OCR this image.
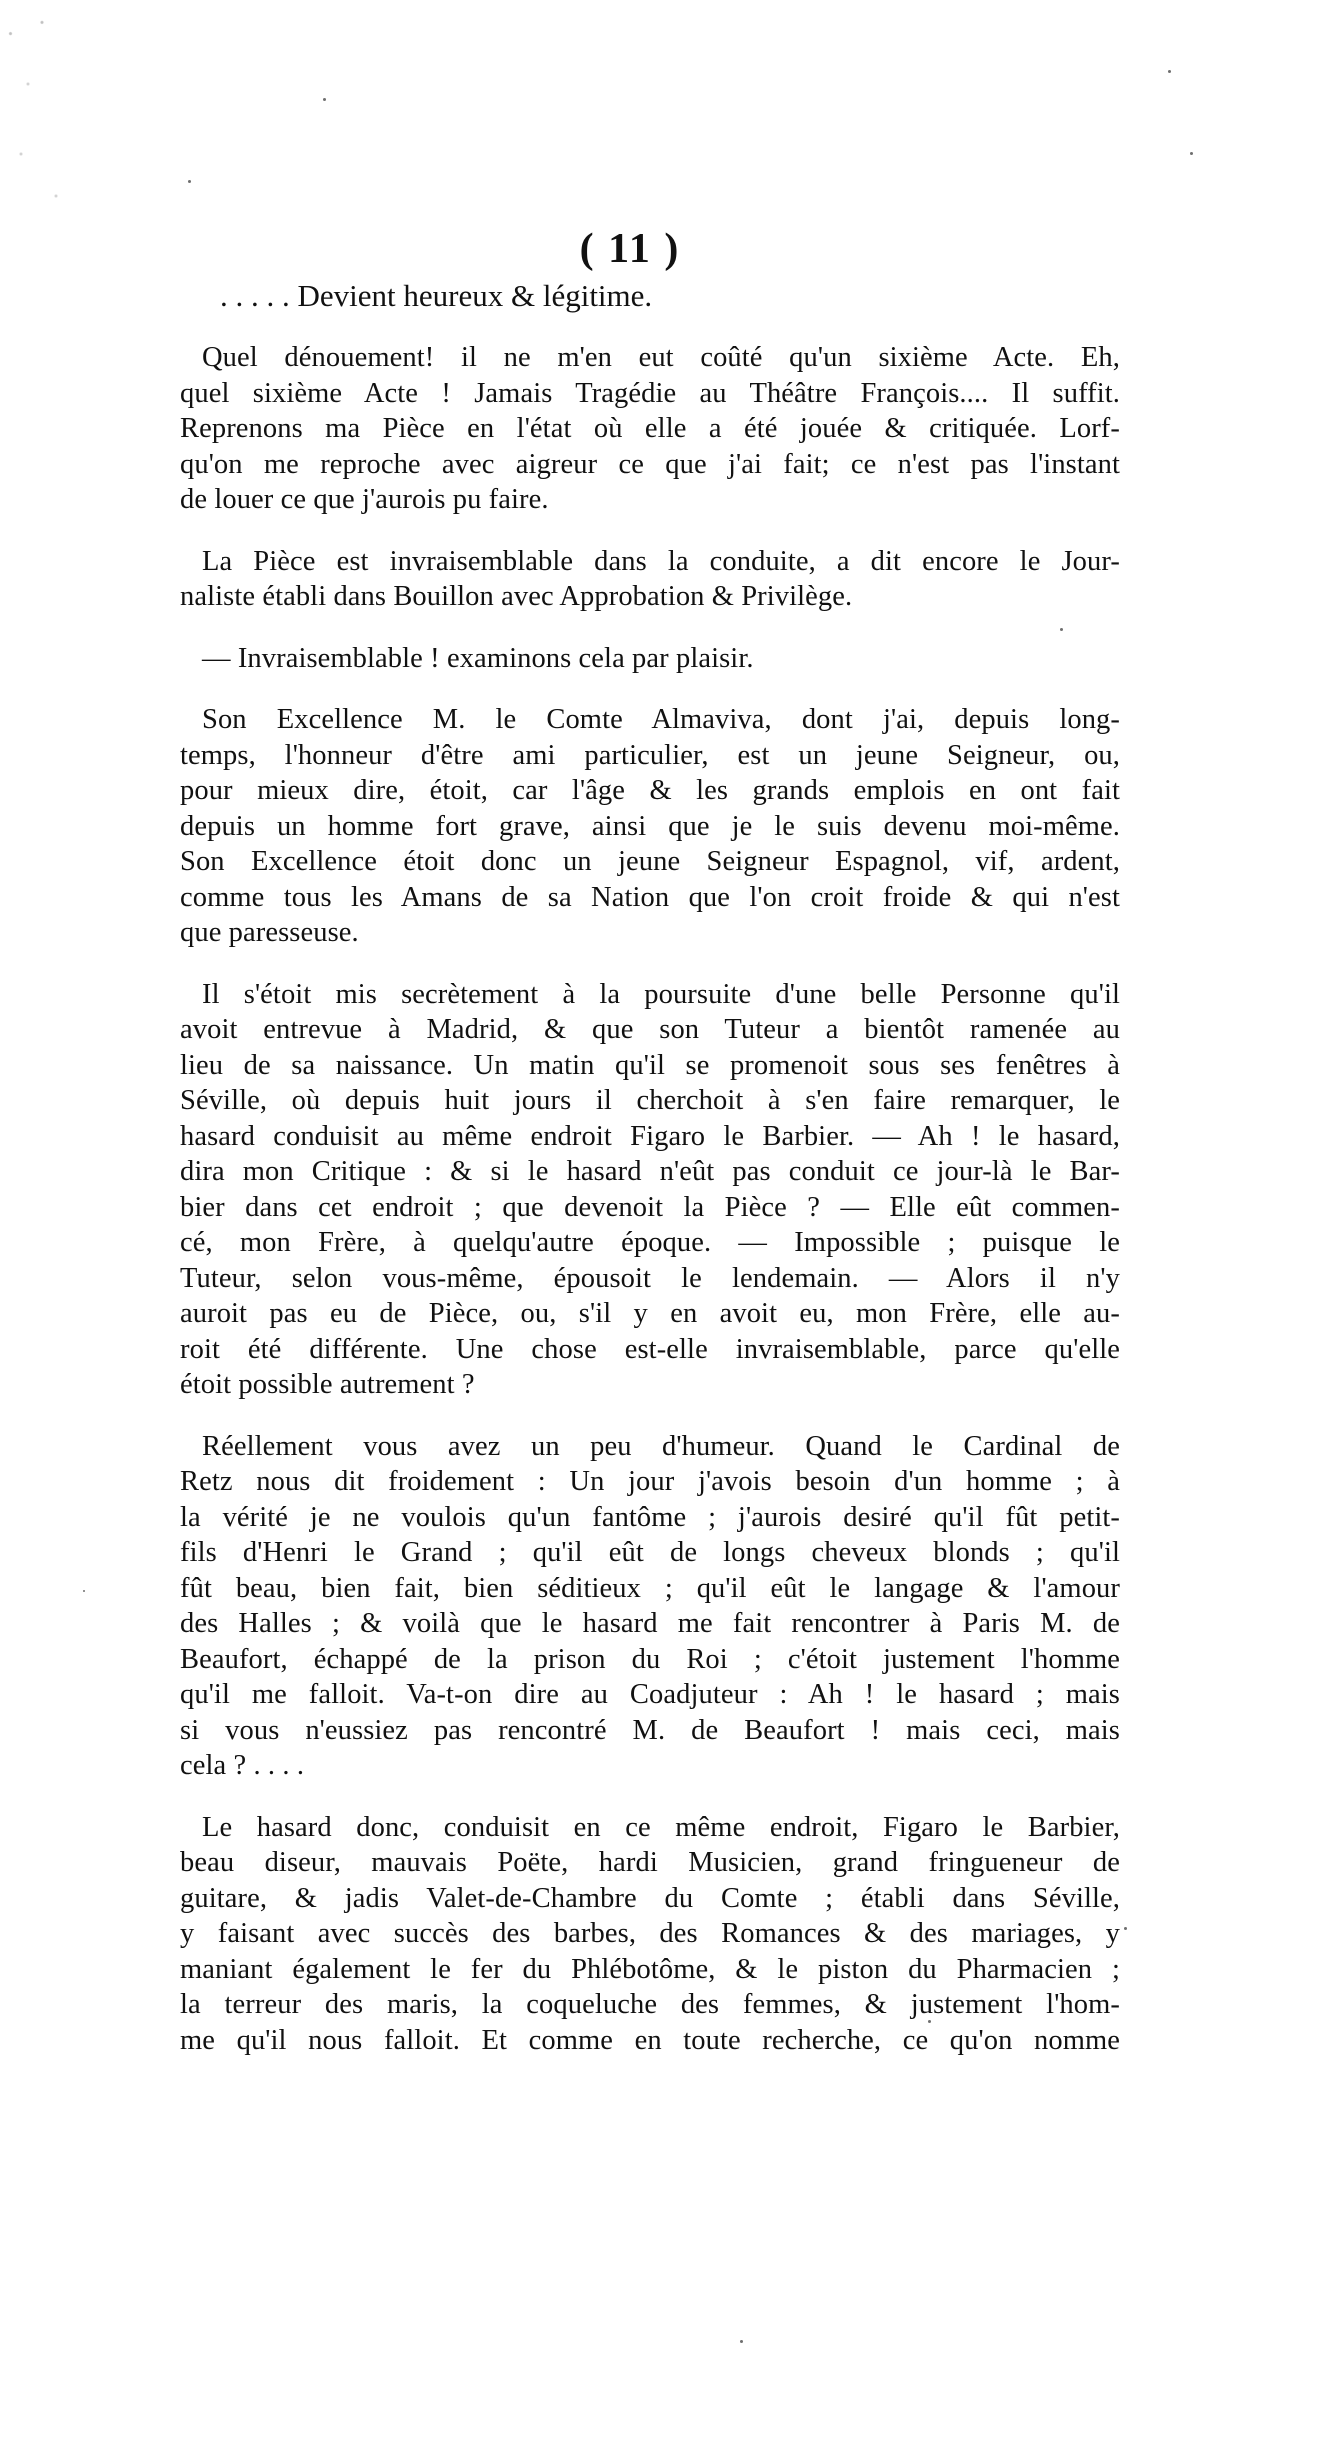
( 11 )
. . . . . Devient heureux & légitime.
Quel dénouement! il ne m'en eut coûté qu'un sixième Acte. Eh,
quel sixième Acte ! Jamais Tragédie au Théâtre François.... Il suffit.
Reprenons ma Pièce en l'état où elle a été jouée & critiquée. Lorf-
qu'on me reproche avec aigreur ce que j'ai fait; ce n'est pas l'instant
de louer ce que j'aurois pu faire.
La Pièce est invraisemblable dans la conduite, a dit encore le Jour-
naliste établi dans Bouillon avec Approbation & Privilège.
— Invraisemblable ! examinons cela par plaisir.
Son Excellence M. le Comte Almaviva, dont j'ai, depuis long-
temps, l'honneur d'être ami particulier, est un jeune Seigneur, ou,
pour mieux dire, étoit, car l'âge & les grands emplois en ont fait
depuis un homme fort grave, ainsi que je le suis devenu moi-même.
Son Excellence étoit donc un jeune Seigneur Espagnol, vif, ardent,
comme tous les Amans de sa Nation que l'on croit froide & qui n'est
que paresseuse.
Il s'étoit mis secrètement à la poursuite d'une belle Personne qu'il
avoit entrevue à Madrid, & que son Tuteur a bientôt ramenée au
lieu de sa naissance. Un matin qu'il se promenoit sous ses fenêtres à
Séville, où depuis huit jours il cherchoit à s'en faire remarquer, le
hasard conduisit au même endroit Figaro le Barbier. — Ah ! le hasard,
dira mon Critique : & si le hasard n'eût pas conduit ce jour-là le Bar-
bier dans cet endroit ; que devenoit la Pièce ? — Elle eût commen-
cé, mon Frère, à quelqu'autre époque. — Impossible ; puisque le
Tuteur, selon vous-même, épousoit le lendemain. — Alors il n'y
auroit pas eu de Pièce, ou, s'il y en avoit eu, mon Frère, elle au-
roit été différente. Une chose est-elle invraisemblable, parce qu'elle
étoit possible autrement ?
Réellement vous avez un peu d'humeur. Quand le Cardinal de
Retz nous dit froidement : Un jour j'avois besoin d'un homme ; à
la vérité je ne voulois qu'un fantôme ; j'aurois desiré qu'il fût petit-
fils d'Henri le Grand ; qu'il eût de longs cheveux blonds ; qu'il
fût beau, bien fait, bien séditieux ; qu'il eût le langage & l'amour
des Halles ; & voilà que le hasard me fait rencontrer à Paris M. de
Beaufort, échappé de la prison du Roi ; c'étoit justement l'homme
qu'il me falloit. Va-t-on dire au Coadjuteur : Ah ! le hasard ; mais
si vous n'eussiez pas rencontré M. de Beaufort ! mais ceci, mais
cela ? . . . .
Le hasard donc, conduisit en ce même endroit, Figaro le Barbier,
beau diseur, mauvais Poëte, hardi Musicien, grand fringueneur de
guitare, & jadis Valet-de-Chambre du Comte ; établi dans Séville,
y faisant avec succès des barbes, des Romances & des mariages, y
maniant également le fer du Phlébotôme, & le piston du Pharmacien ;
la terreur des maris, la coqueluche des femmes, & justement l'hom-
me qu'il nous falloit. Et comme en toute recherche, ce qu'on nomme
